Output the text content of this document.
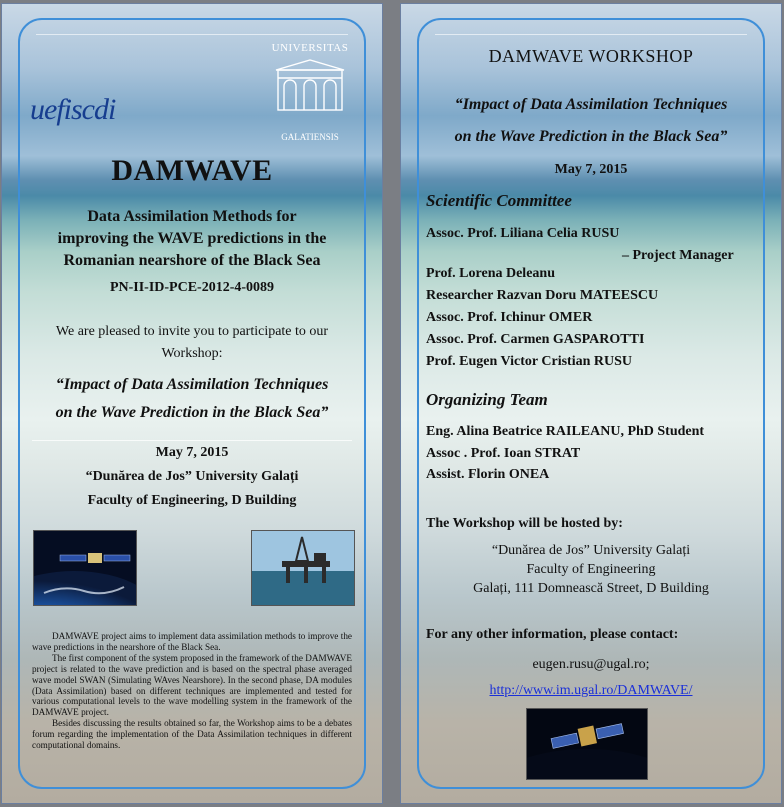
uefiscdi
UNIVERSITAS
GALATIENSIS
DAMWAVE
Data Assimilation Methods for
improving the WAVE predictions in the
Romanian nearshore of the Black Sea
PN-II-ID-PCE-2012-4-0089
We are pleased to invite you to participate to our
Workshop:
“Impact of Data Assimilation Techniques
on the Wave Prediction in the Black Sea”
May 7, 2015
“Dunărea de Jos” University Galați
Faculty of Engineering, D Building

DAMWAVE project aims to implement data assimilation methods to improve the wave predictions in the nearshore of the Black Sea.

The first component of the system proposed in the framework of the DAMWAVE project is related to the wave prediction and is based on the spectral phase averaged wave model SWAN (Simulating WAves Nearshore). In the second phase, DA modules (Data Assimilation) based on different techniques are implemented and tested for various computational levels to the wave modelling system in the framework of the DAMWAVE project.

Besides discussing the results obtained so far, the Workshop aims to be a debates forum regarding the implementation of the Data Assimilation techniques in different computational domains.

DAMWAVE WORKSHOP
“Impact of Data Assimilation Techniques
on the Wave Prediction in the Black Sea”
May 7, 2015
Scientific Committee
Assoc. Prof. Liliana Celia RUSU
– Project Manager
Prof. Lorena Deleanu
Researcher Razvan Doru MATEESCU
Assoc. Prof. Ichinur OMER
Assoc. Prof. Carmen GASPAROTTI
Prof. Eugen Victor Cristian RUSU
Organizing Team
Eng. Alina Beatrice RAILEANU, PhD Student
Assoc . Prof. Ioan STRAT
Assist. Florin ONEA
The Workshop will be hosted by:
“Dunărea de Jos” University Galați
Faculty of Engineering
Galați, 111 Domnească Street, D Building
For any other information, please contact:
eugen.rusu@ugal.ro;
http://www.im.ugal.ro/DAMWAVE/
